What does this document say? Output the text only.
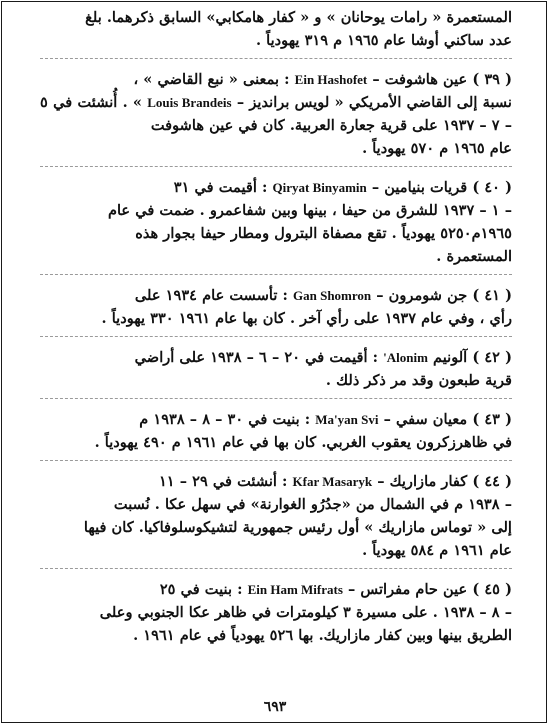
المستعمرة « رامات يوحانان » و « كفار هامكابي» السابق ذكرهما. بلغ

عدد ساكني أوشا عام ١٩٦٥ م ٣١٩ يهودياً .

( ٣٩ ) عين هاشوفت – Ein Hashofet : بمعنى « نبع القاضي » ،

نسبة إلى القاضي الأمريكي « لويس برانديز – Louis Brandeis » . أُنشئت في ٥ – ٧ – ١٩٣٧ على قرية جعارة العربية. كان في عين هاشوفت

عام ١٩٦٥ م ٥٧٠ يهودياً .

( ٤٠ ) قريات بنيامين – Qiryat Binyamin : أقيمت في ٣١

– ١ – ١٩٣٧ للشرق من حيفا ، بينها وبين شفاعمرو . ضمت في عام

١٩٦٥م٥٢٥٠ يهودياً . تقع مصفاة البترول ومطار حيفا بجوار هذه

المستعمرة .

( ٤١ ) جن شومرون – Gan Shomron : تأسست عام ١٩٣٤ على

رأي ، وفي عام ١٩٣٧ على رأي آخر . كان بها عام ١٩٦١ ٣٣٠ يهودياً .

( ٤٢ ) آلونيم 'Alonim : أقيمت في ٢٠ – ٦ – ١٩٣٨ على أراضي

قرية طبعون وقد مر ذكر ذلك .

( ٤٣ ) معيان سفي – Ma'yan Svi : بنيت في ٣٠ – ٨ – ١٩٣٨ م

في ظاهرزكرون يعقوب الغربي. كان بها في عام ١٩٦١ م ٤٩٠ يهودياً .

( ٤٤ ) كفار مازاريك – Kfar Masaryk : أنشئت في ٢٩ – ١١

– ١٩٣٨ م في الشمال من «جدُرُو الغوارنة» في سهل عكا . نُسبت

إلى « توماس مازاريك » أول رئيس جمهورية لتشيكوسلوفاكيا. كان فيها

عام ١٩٦١ م ٥٨٤ يهودياً .

( ٤٥ ) عين حام مفراتس – Ein Ham Mifrats : بنيت في ٢٥

– ٨ – ١٩٣٨ . على مسيرة ٣ كيلومترات في ظاهر عكا الجنوبي وعلى

الطريق بينها وبين كفار مازاريك. بها ٥٢٦ يهودياً في عام ١٩٦١ .

٦٩٣
